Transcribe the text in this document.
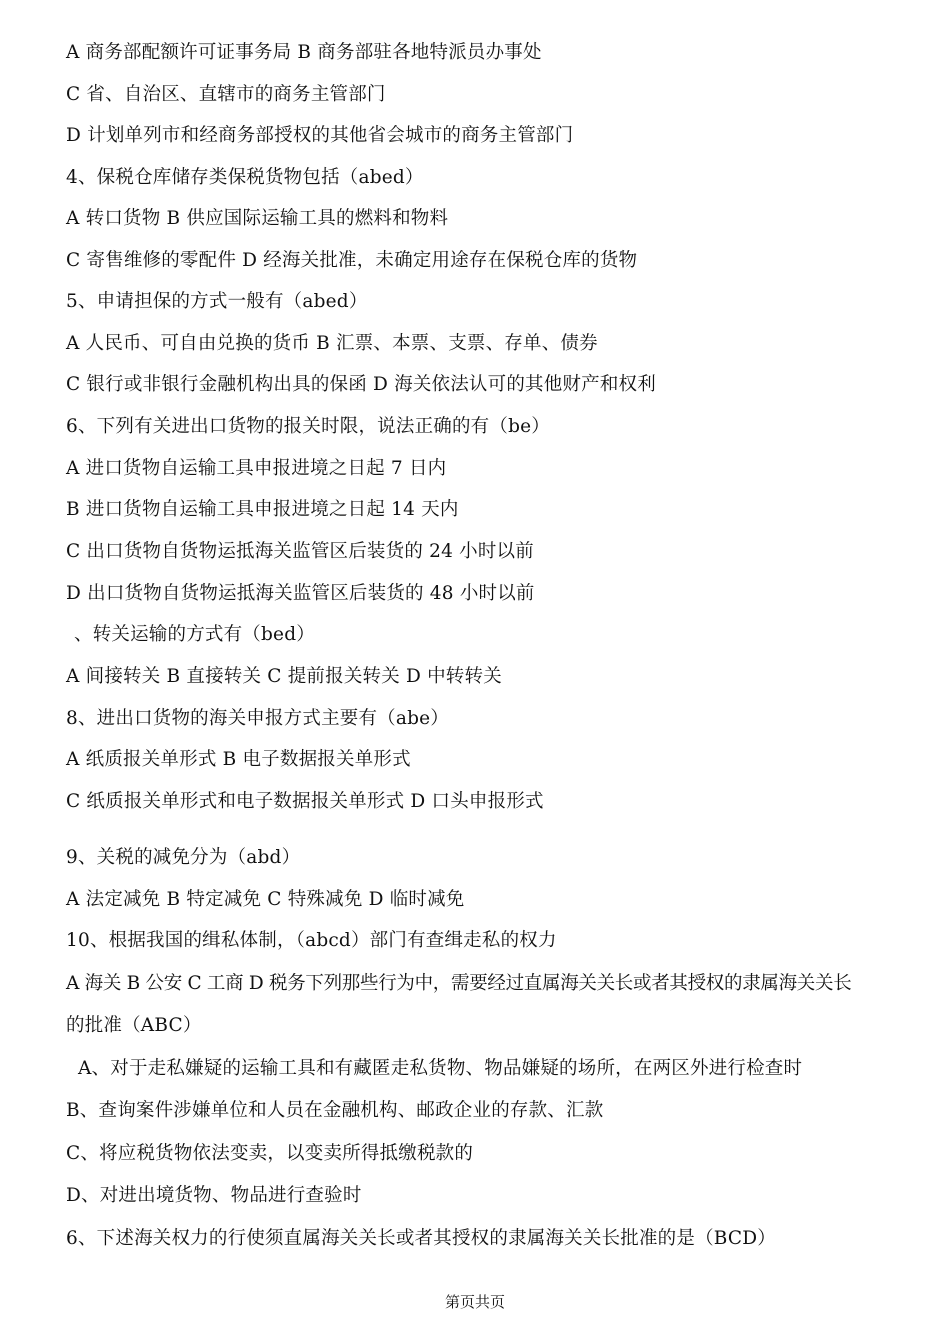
A 商务部配额许可证事务局 B 商务部驻各地特派员办事处
C 省、自治区、直辖市的商务主管部门
D 计划单列市和经商务部授权的其他省会城市的商务主管部门
4、保税仓库储存类保税货物包括（abed）
A 转口货物 B 供应国际运输工具的燃料和物料
C 寄售维修的零配件 D 经海关批准，未确定用途存在保税仓库的货物
5、申请担保的方式一般有（abed）
A 人民币、可自由兑换的货币 B 汇票、本票、支票、存单、债券
C 银行或非银行金融机构出具的保函 D 海关依法认可的其他财产和权利
6、下列有关进出口货物的报关时限，说法正确的有（be）
A 进口货物自运输工具申报进境之日起 7 日内
B 进口货物自运输工具申报进境之日起 14 天内
C 出口货物自货物运抵海关监管区后装货的 24 小时以前
D 出口货物自货物运抵海关监管区后装货的 48 小时以前
、转关运输的方式有（bed）
A 间接转关 B 直接转关 C 提前报关转关 D 中转转关
8、进出口货物的海关申报方式主要有（abe）
A 纸质报关单形式 B 电子数据报关单形式
C 纸质报关单形式和电子数据报关单形式 D 口头申报形式
9、关税的减免分为（abd）
A 法定减免 B 特定减免 C 特殊减免 D 临时减免
10、根据我国的缉私体制，（abcd）部门有查缉走私的权力
A 海关 B 公安 C 工商 D 税务下列那些行为中，需要经过直属海关关长或者其授权的隶属海关关长
的批准（ABC）
A、对于走私嫌疑的运输工具和有藏匿走私货物、物品嫌疑的场所，在两区外进行检查时
B、查询案件涉嫌单位和人员在金融机构、邮政企业的存款、汇款
C、将应税货物依法变卖，以变卖所得抵缴税款的
D、对进出境货物、物品进行查验时
6、下述海关权力的行使须直属海关关长或者其授权的隶属海关关长批准的是（BCD）
第页共页
